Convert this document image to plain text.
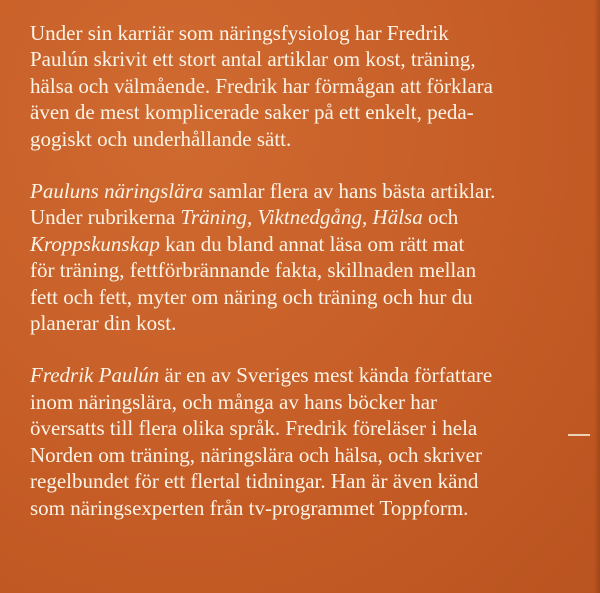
Under sin karriär som näringsfysiolog har Fredrik
Paulún skrivit ett stort antal artiklar om kost, träning,
hälsa och välmående. Fredrik har förmågan att förklara
även de mest komplicerade saker på ett enkelt, peda-
gogiskt och underhållande sätt.

Pauluns näringslära samlar flera av hans bästa artiklar.
Under rubrikerna Träning, Viktnedgång, Hälsa och
Kroppskunskap kan du bland annat läsa om rätt mat
för träning, fettförbrännande fakta, skillnaden mellan
fett och fett, myter om näring och träning och hur du
planerar din kost.

Fredrik Paulún är en av Sveriges mest kända författare
inom näringslära, och många av hans böcker har
översatts till flera olika språk. Fredrik föreläser i hela
Norden om träning, näringslära och hälsa, och skriver
regelbundet för ett flertal tidningar. Han är även känd
som näringsexperten från tv-programmet Toppform.
